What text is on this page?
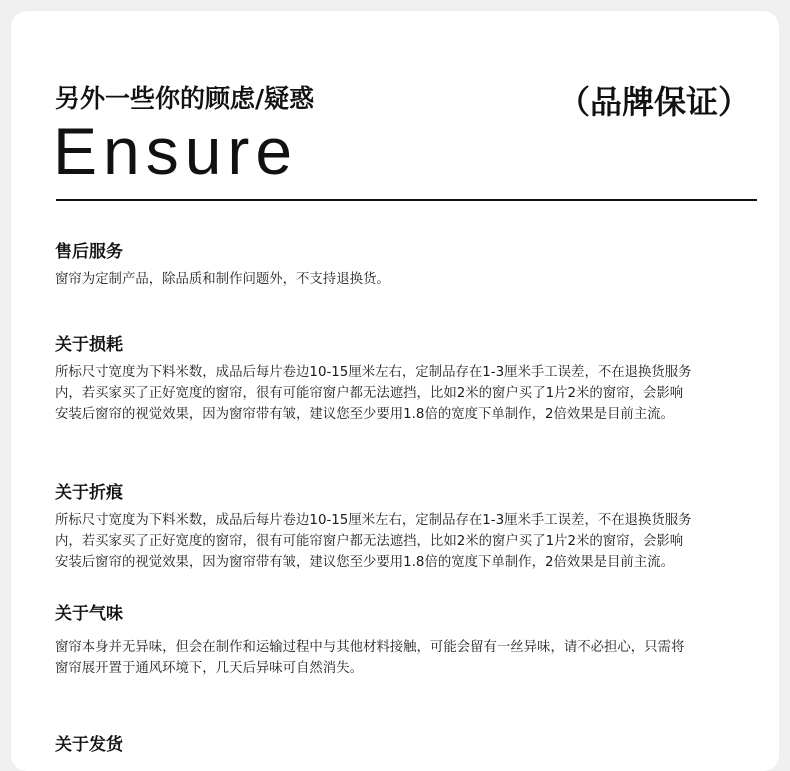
另外一些你的顾虑/疑惑	（品牌保证）
Ensure
售后服务
窗帘为定制产品，除品质和制作问题外，不支持退换货。
关于损耗
所标尺寸宽度为下料米数，成品后每片卷边10-15厘米左右，定制品存在1-3厘米手工误差，不在退换货服务
内，若买家买了正好宽度的窗帘，很有可能帘窗户都无法遮挡，比如2米的窗户买了1片2米的窗帘，会影响
安装后窗帘的视觉效果，因为窗帘带有皱，建议您至少要用1.8倍的宽度下单制作，2倍效果是目前主流。
关于折痕
所标尺寸宽度为下料米数，成品后每片卷边10-15厘米左右，定制品存在1-3厘米手工误差，不在退换货服务
内，若买家买了正好宽度的窗帘，很有可能帘窗户都无法遮挡，比如2米的窗户买了1片2米的窗帘，会影响
安装后窗帘的视觉效果，因为窗帘带有皱，建议您至少要用1.8倍的宽度下单制作，2倍效果是目前主流。
关于气味
窗帘本身并无异味，但会在制作和运输过程中与其他材料接触，可能会留有一丝异味，请不必担心，只需将
窗帘展开置于通风环境下，几天后异味可自然消失。
关于发货
